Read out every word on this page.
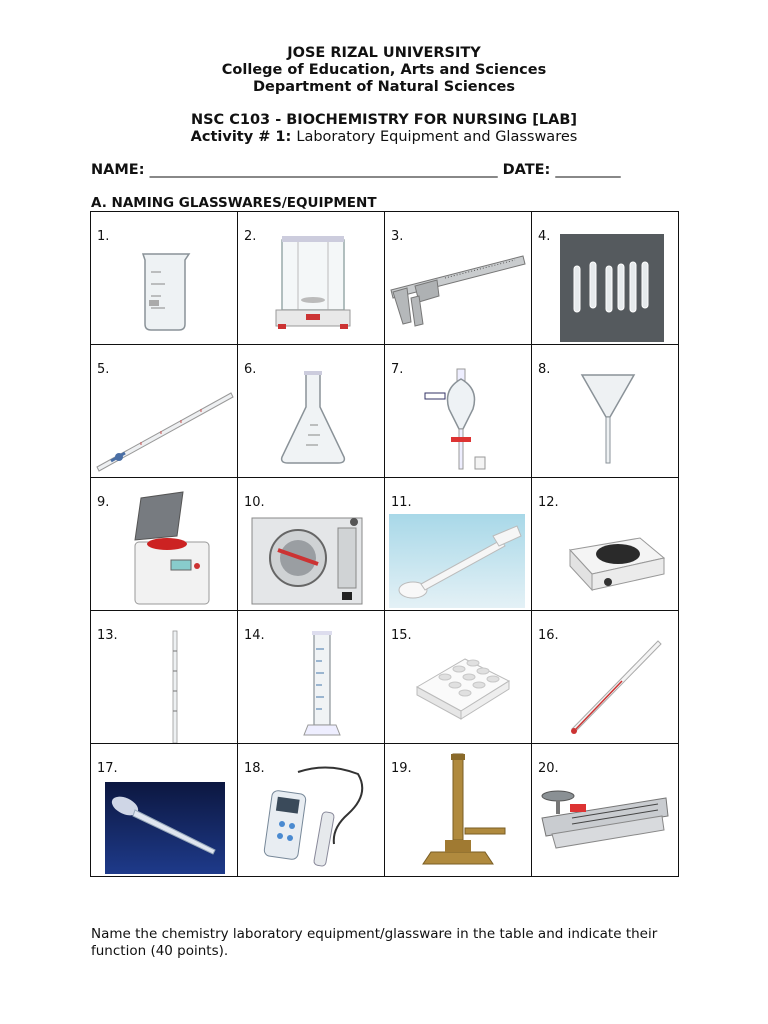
JOSE RIZAL UNIVERSITY
College of Education, Arts and Sciences
Department of Natural Sciences
NSC C103 - BIOCHEMISTRY FOR NURSING [LAB]
Activity # 1: Laboratory Equipment and Glasswares
NAME: ________________________________________________ DATE: _________
A. NAMING GLASSWARES/EQUIPMENT
1.	2.	3.	4.

5.	6.	7.	8.

9.	10.	11.	12.

13.	14.	15.	16.

17.	18.	19.	20.
Name the chemistry laboratory equipment/glassware in the table and indicate their function (40 points).
